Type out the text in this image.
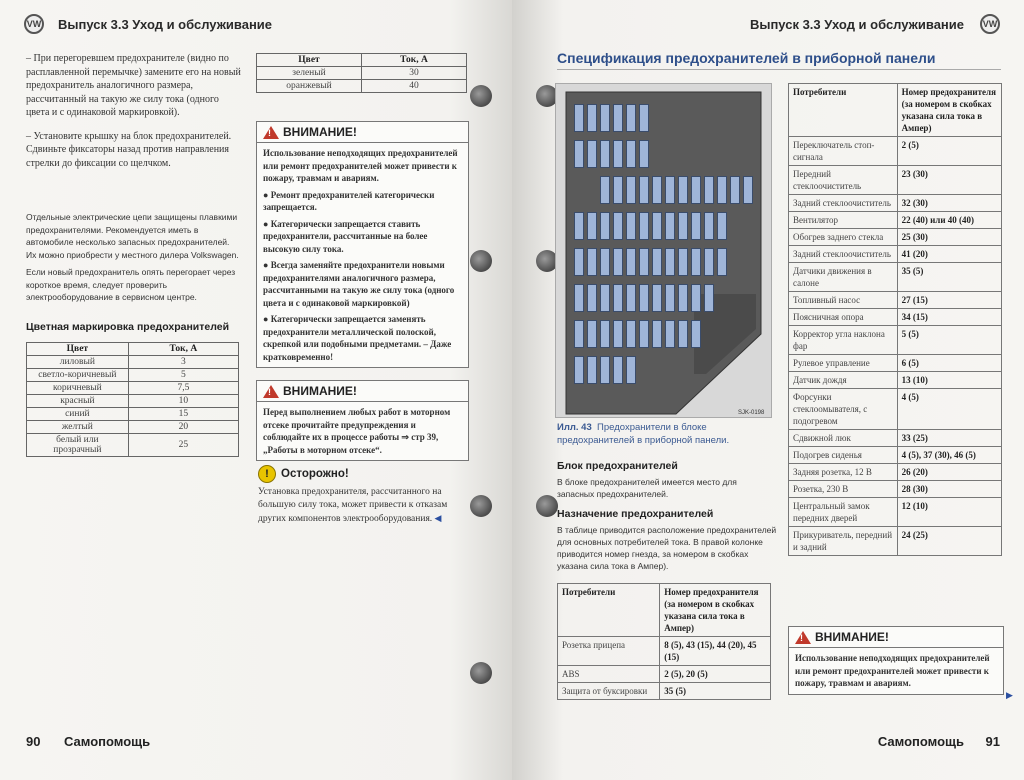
VW Выпуск 3.3 Уход и обслуживание

– При перегоревшем предохранителе (видно по расплавленной перемычке) замените его на новый предохранитель аналогичного размера, рассчитанный на такую же силу тока (одного цвета и с одинаковой маркировкой).

– Установите крышку на блок предохранителей. Сдвиньте фиксаторы назад против направления стрелки до фиксации со щелчком.

Отдельные электрические цепи защищены плавкими предохранителями. Рекомендуется иметь в автомобиле несколько запасных предохранителей. Их можно приобрести у местного дилера Volkswagen.

Если новый предохранитель опять перегорает через короткое время, следует проверить электрооборудование в сервисном центре.

Цветная маркировка предохранителей
Цвет	Ток, А
лиловый	3
светло-коричневый	5
коричневый	7,5
красный	10
синий	15
желтый	20
белый или прозрачный	25
Цвет	Ток, А
зеленый	30
оранжевый	40
! ВНИМАНИЕ!

Использование неподходящих предохранителей или ремонт предохранителей может привести к пожару, травмам и авариям.

● Ремонт предохранителей категорически запрещается.

● Категорически запрещается ставить предохранители, рассчитанные на более высокую силу тока.

● Всегда заменяйте предохранители новыми предохранителями аналогичного размера, рассчитанными на такую же силу тока (одного цвета и с одинаковой маркировкой)

● Категорически запрещается заменять предохранители металлической полоской, скрепкой или подобными предметами. – Даже кратковременно!

! ВНИМАНИЕ!

Перед выполнением любых работ в моторном отсеке прочитайте предупреждения и соблюдайте их в процессе работы ⇒ стр 39, „Работы в моторном отсеке“.

!	Осторожно!
Установка предохранителя, рассчитанного на большую силу тока, может привести к отказам других компонентов электрооборудования. ◀
90 Самопомощь
Выпуск 3.3 Уход и обслуживание	VW
Спецификация предохранителей в приборной панели
Илл. 43 Предохранители в блоке предохранителей в приборной панели.
Блок предохранителей
В блоке предохранителей имеется место для запасных предохранителей.
Назначение предохранителей
В таблице приводится расположение предохранителей для основных потребителей тока. В правой колонке приводится номер гнезда, за номером в скобках указана сила тока в Ампер).
Потребители	Номер предохранителя (за номером в скобках указана сила тока в Ампер)
Розетка прицепа	8 (5), 43 (15), 44 (20), 45 (15)
ABS	2 (5), 20 (5)
Защита от буксировки	35 (5)
Потребители	Номер предохранителя (за номером в скобках указана сила тока в Ампер)
Переключатель стоп-сигнала	2 (5)
Передний стеклоочиститель	23 (30)
Задний стеклоочиститель	32 (30)
Вентилятор	22 (40) или 40 (40)
Обогрев заднего стекла	25 (30)
Задний стеклоочиститель	41 (20)
Датчики движения в салоне	35 (5)
Топливный насос	27 (15)
Поясничная опора	34 (15)
Корректор угла наклона фар	5 (5)
Рулевое управление	6 (5)
Датчик дождя	13 (10)
Форсунки стеклоомывателя, с подогревом	4 (5)
Сдвижной люк	33 (25)
Подогрев сиденья	4 (5), 37 (30), 46 (5)
Задняя розетка, 12 В	26 (20)
Розетка, 230 В	28 (30)
Центральный замок передних дверей	12 (10)
Прикуриватель, передний и задний	24 (25)
! ВНИМАНИЕ!

Использование неподходящих предохранителей или ремонт предохранителей может привести к пожару, травмам и авариям.

▶
Самопомощь 91
SJK-0198
